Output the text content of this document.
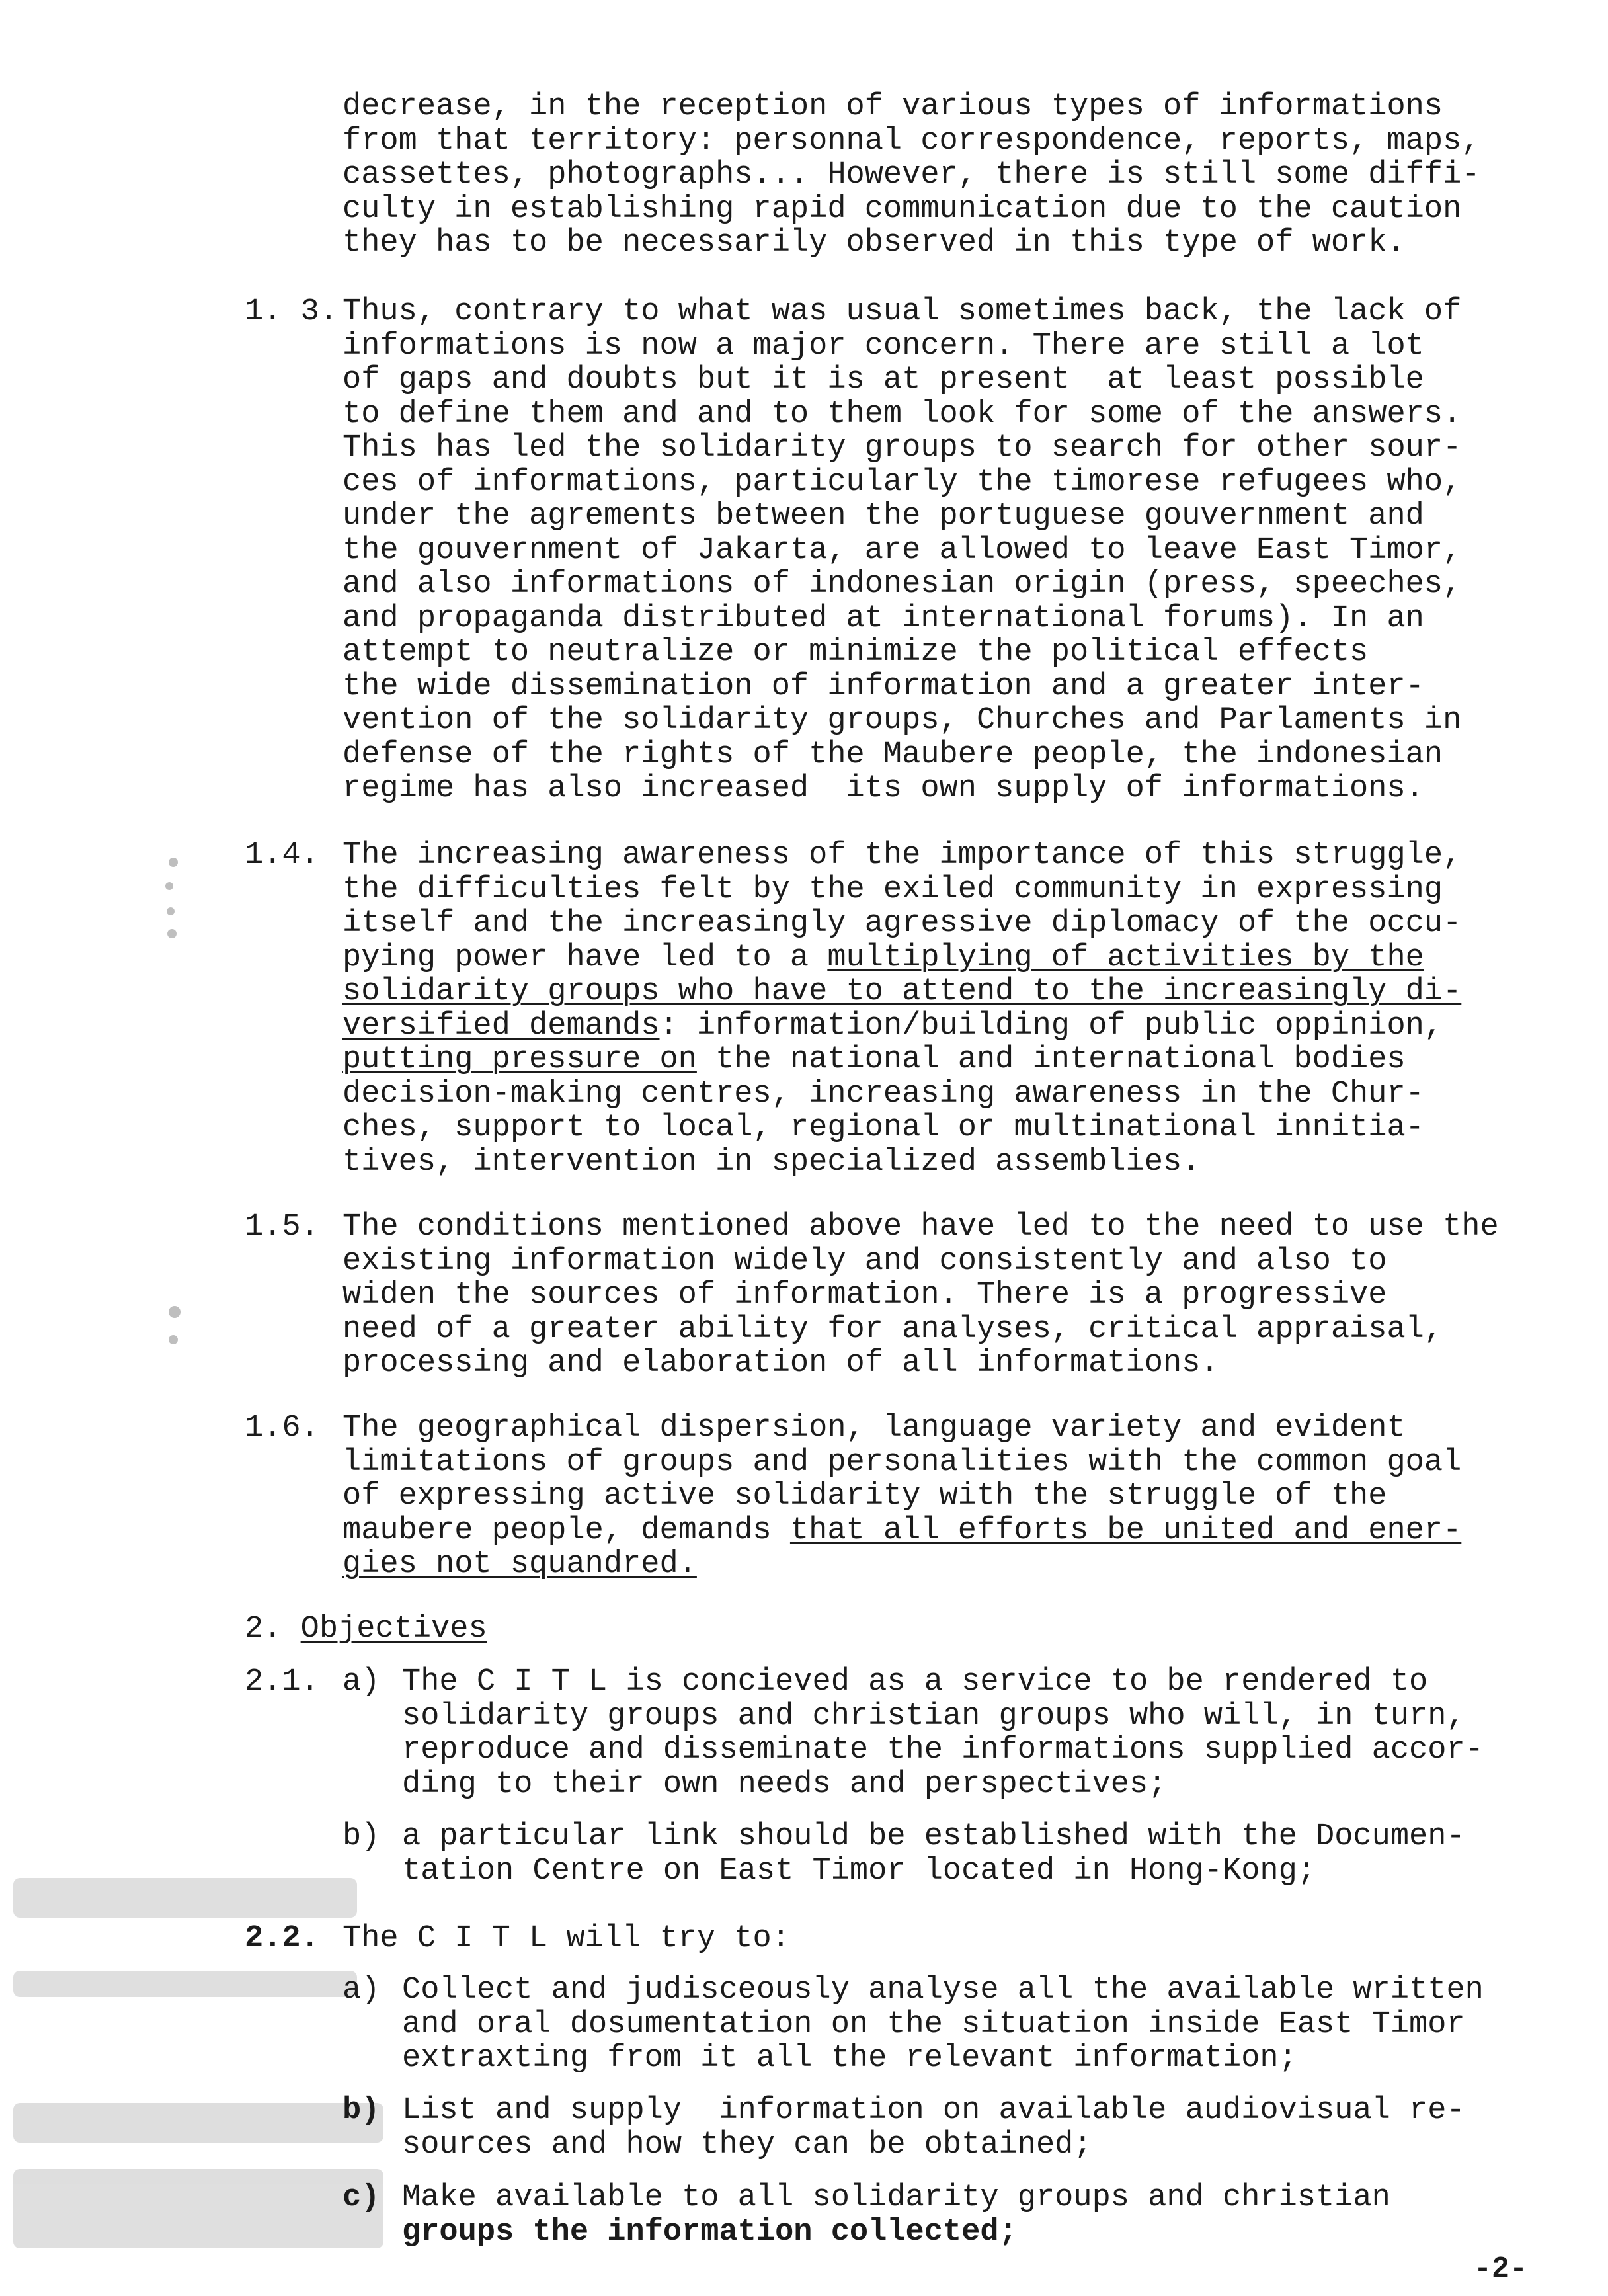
decrease, in the reception of various types of informations
from that territory: personnal correspondence, reports, maps,
cassettes, photographs... However, there is still some diffi-
culty in establishing rapid communication due to the caution
they has to be necessarily observed in this type of work.
1. 3. Thus, contrary to what was usual sometimes back, the lack of
informations is now a major concern. There are still a lot
of gaps and doubts but it is at present  at least possible
to define them and and to them look for some of the answers.
This has led the solidarity groups to search for other sour-
ces of informations, particularly the timorese refugees who,
under the agrements between the portuguese gouvernment and
the gouvernment of Jakarta, are allowed to leave East Timor,
and also informations of indonesian origin (press, speeches,
and propaganda distributed at international forums). In an
attempt to neutralize or minimize the political effects
the wide dissemination of information and a greater inter-
vention of the solidarity groups, Churches and Parlaments in
defense of the rights of the Maubere people, the indonesian
regime has also increased  its own supply of informations.
1.4. The increasing awareness of the importance of this struggle,
the difficulties felt by the exiled community in expressing
itself and the increasingly agressive diplomacy of the occu-
pying power have led to a multiplying of activities by the
solidarity groups who have to attend to the increasingly di-
versified demands: information/building of public oppinion,
putting pressure on the national and international bodies
decision-making centres, increasing awareness in the Chur-
ches, support to local, regional or multinational innitia-
tives, intervention in specialized assemblies.
1.5. The conditions mentioned above have led to the need to use the
existing information widely and consistently and also to
widen the sources of information. There is a progressive
need of a greater ability for analyses, critical appraisal,
processing and elaboration of all informations.
1.6. The geographical dispersion, language variety and evident
limitations of groups and personalities with the common goal
of expressing active solidarity with the struggle of the
maubere people, demands that all efforts be united and ener-
gies not squandred.
2. Objectives
2.1. a) The C I T L is concieved as a service to be rendered to
solidarity groups and christian groups who will, in turn,
reproduce and disseminate the informations supplied accor-
ding to their own needs and perspectives;
b) a particular link should be established with the Documen-
tation Centre on East Timor located in Hong-Kong;
2.2. The C I T L will try to:
a) Collect and judisceously analyse all the available written
and oral dosumentation on the situation inside East Timor
extraxting from it all the relevant information;
b) List and supply  information on available audiovisual re-
sources and how they can be obtained;
c) Make available to all solidarity groups and christian
groups the information collected;
-2-
